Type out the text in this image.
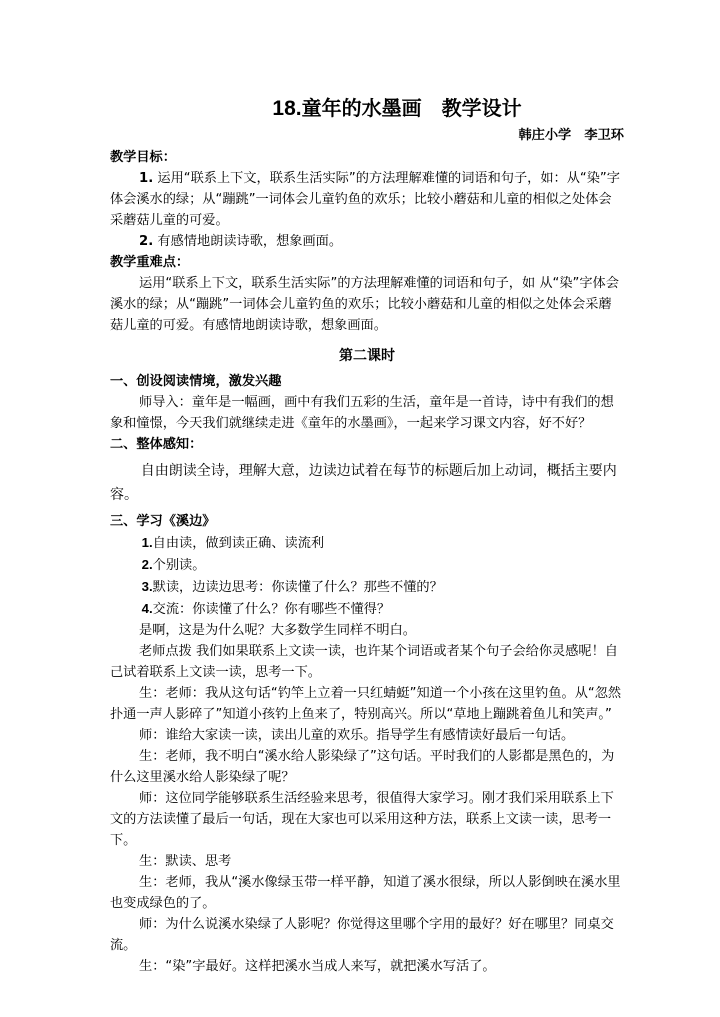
18.童年的水墨画　教学设计
韩庄小学　李卫环

教学目标：

1. 运用“联系上下文，联系生活实际”的方法理解难懂的词语和句子，如：从“染”字体会溪水的绿；从“蹦跳”一词体会儿童钓鱼的欢乐；比较小蘑菇和儿童的相似之处体会采蘑菇儿童的可爱。

2. 有感情地朗读诗歌，想象画面。

教学重难点：

运用“联系上下文，联系生活实际”的方法理解难懂的词语和句子，如 从“染”字体会溪水的绿；从“蹦跳”一词体会儿童钓鱼的欢乐；比较小蘑菇和儿童的相似之处体会采蘑菇儿童的可爱。有感情地朗读诗歌，想象画面。

第二课时

一、创设阅读情境，激发兴趣

师导入：童年是一幅画，画中有我们五彩的生活，童年是一首诗，诗中有我们的想象和憧憬，今天我们就继续走进《童年的水墨画》，一起来学习课文内容，好不好？

二、整体感知：

自由朗读全诗，理解大意，边读边试着在每节的标题后加上动词，概括主要内容。

三、学习《溪边》

1.自由读，做到读正确、读流利

2.个别读。

3.默读，边读边思考：你读懂了什么？那些不懂的？

4.交流：你读懂了什么？你有哪些不懂得？

是啊，这是为什么呢？大多数学生同样不明白。

老师点拨 我们如果联系上文读一读，也许某个词语或者某个句子会给你灵感呢！自己试着联系上文读一读，思考一下。

生：老师：我从这句话“钓竿上立着一只红蜻蜓”知道一个小孩在这里钓鱼。从“忽然扑通一声人影碎了”知道小孩钓上鱼来了，特别高兴。所以“草地上蹦跳着鱼儿和笑声。”

师：谁给大家读一读，读出儿童的欢乐。指导学生有感情读好最后一句话。

生：老师，我不明白“溪水给人影染绿了”这句话。平时我们的人影都是黑色的，为什么这里溪水给人影染绿了呢？

师：这位同学能够联系生活经验来思考，很值得大家学习。刚才我们采用联系上下文的方法读懂了最后一句话，现在大家也可以采用这种方法，联系上文读一读，思考一下。

生：默读、思考

生：老师，我从“溪水像绿玉带一样平静，知道了溪水很绿，所以人影倒映在溪水里也变成绿色的了。

师：为什么说溪水染绿了人影呢？你觉得这里哪个字用的最好？好在哪里？同桌交流。

生：“染”字最好。这样把溪水当成人来写，就把溪水写活了。
